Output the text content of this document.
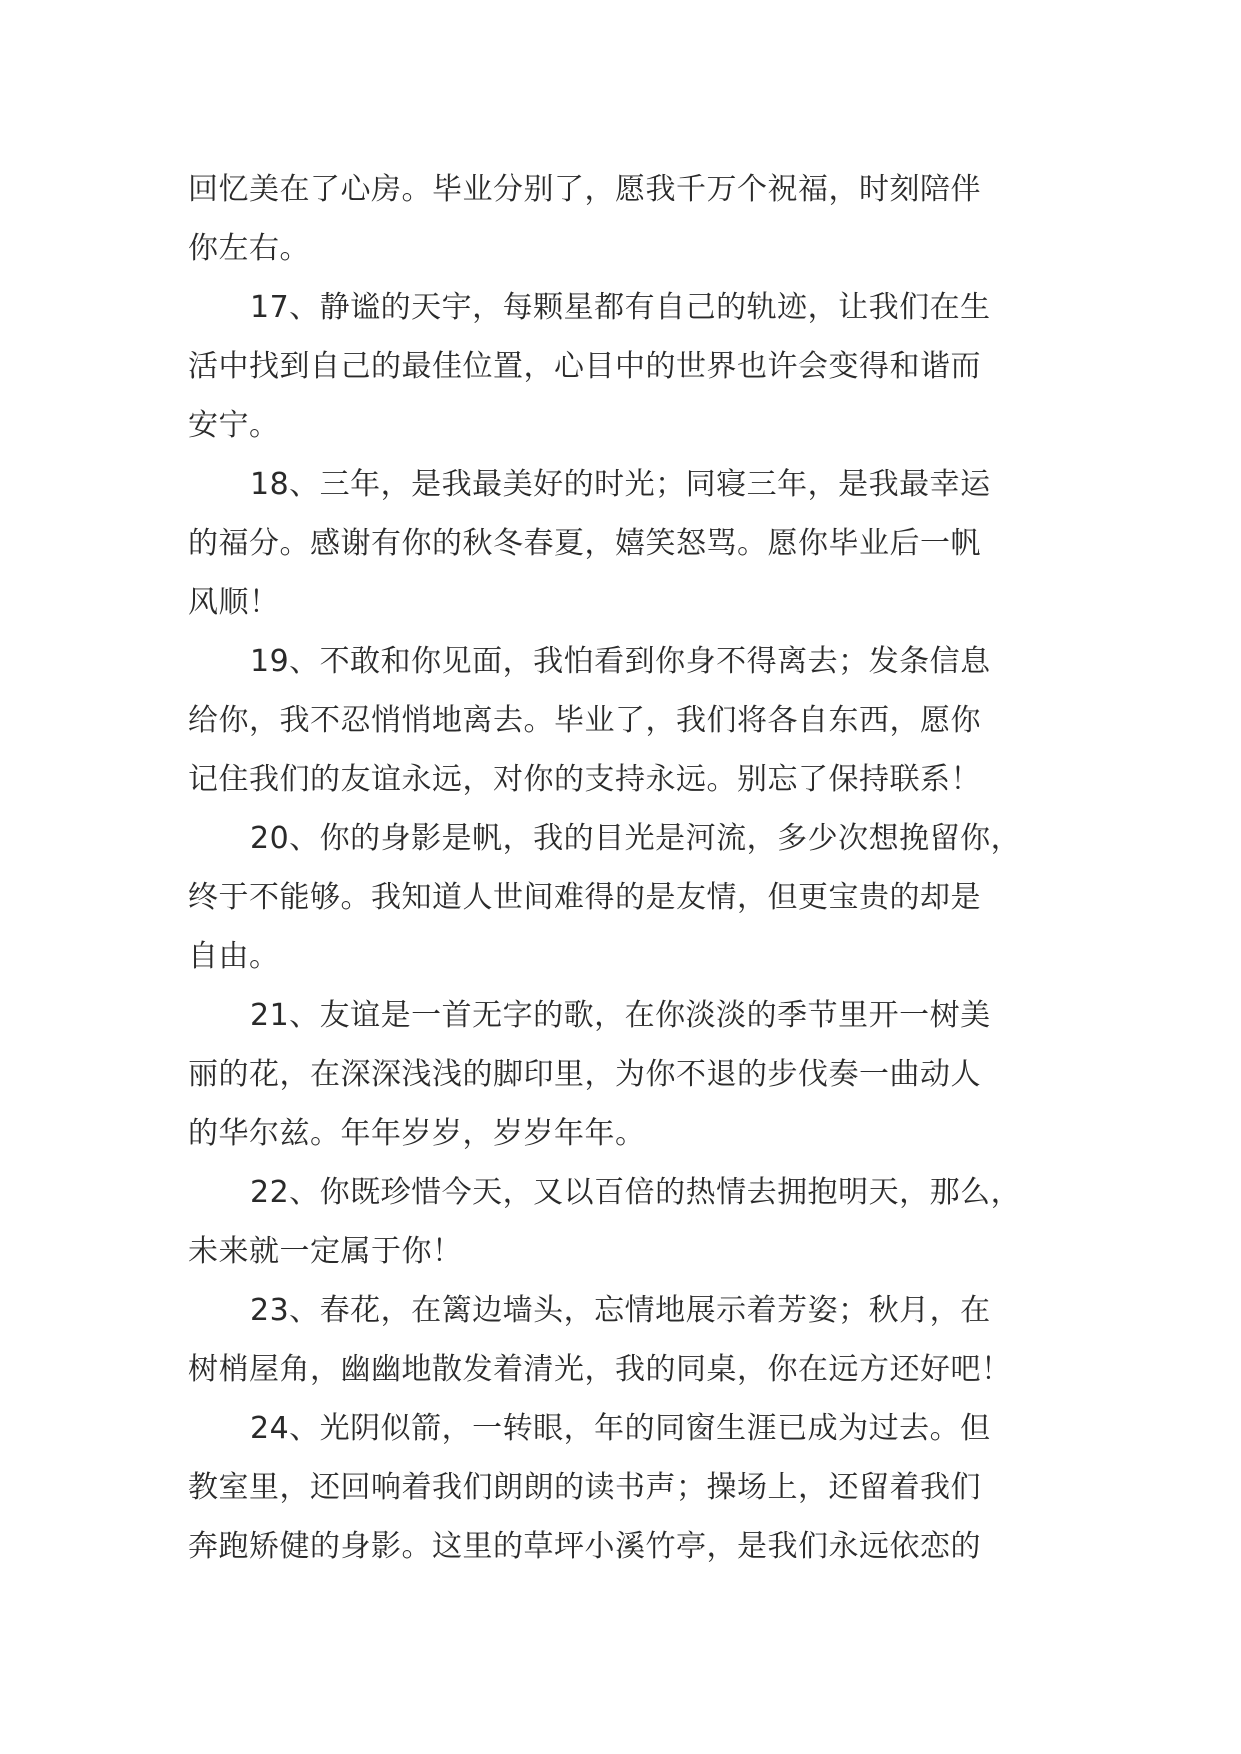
回忆美在了心房。毕业分别了，愿我千万个祝福，时刻陪伴
你左右。
17、静谧的天宇，每颗星都有自己的轨迹，让我们在生
活中找到自己的最佳位置，心目中的世界也许会变得和谐而
安宁。
18、三年，是我最美好的时光；同寝三年，是我最幸运
的福分。感谢有你的秋冬春夏，嬉笑怒骂。愿你毕业后一帆
风顺！
19、不敢和你见面，我怕看到你身不得离去；发条信息
给你，我不忍悄悄地离去。毕业了，我们将各自东西，愿你
记住我们的友谊永远，对你的支持永远。别忘了保持联系！
20、你的身影是帆，我的目光是河流，多少次想挽留你，
终于不能够。我知道人世间难得的是友情，但更宝贵的却是
自由。
21、友谊是一首无字的歌，在你淡淡的季节里开一树美
丽的花，在深深浅浅的脚印里，为你不退的步伐奏一曲动人
的华尔兹。年年岁岁，岁岁年年。
22、你既珍惜今天，又以百倍的热情去拥抱明天，那么，
未来就一定属于你！
23、春花，在篱边墙头，忘情地展示着芳姿；秋月，在
树梢屋角，幽幽地散发着清光，我的同桌，你在远方还好吧！
24、光阴似箭，一转眼，年的同窗生涯已成为过去。但
教室里，还回响着我们朗朗的读书声；操场上，还留着我们
奔跑矫健的身影。这里的草坪小溪竹亭，是我们永远依恋的
